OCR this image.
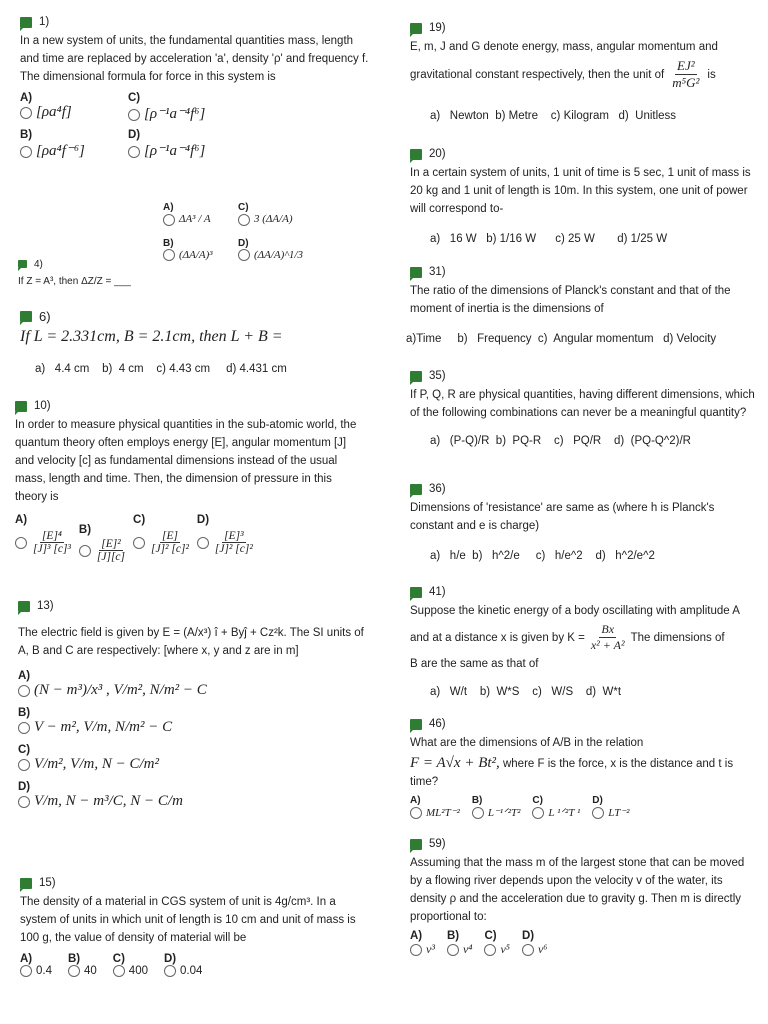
1)
In a new system of units, the fundamental quantities mass, length and time are replaced by acceleration 'a', density 'ρ' and frequency f. The dimensional formula for force in this system is
A)
[ρa⁴f]
C)
[ρ⁻¹a⁻⁴f⁶]
B)
[ρa⁴f⁻⁶]
D)
[ρ⁻¹a⁻⁴f⁶]
A)
ΔA³ / A
C)
3 (ΔA/A)
B)
(ΔA/A)³
D)
(ΔA/A)^1/3
4)
If Z = A³, then ΔZ/Z = ___
6)
If L = 2.331cm, B = 2.1cm, then L + B =
a)   4.4 cm    b)  4 cm    c) 4.43 cm     d) 4.431 cm
10)
In order to measure physical quantities in the sub-atomic world, the quantum theory often employs energy [E], angular momentum [J] and velocity [c] as fundamental dimensions instead of the usual mass, length and time. Then, the dimension of pressure in this theory is
A)
$\frac{\text{[E]⁴}}{\text{[J]³ [c]³}} B$)
$\frac{\text{[E]²}}{[J][c]}$
C)
$\frac{[E]}{\text{[J]² [c]²}}$
D)
$\frac{\text{[E]³}}{\text{[J]² [c]²}}$
13)
The electric field is given by E = (A/x³) î + Byĵ + Cz²k. The SI units of A, B and C are respectively: [where x, y and z are in m]
A)
(N − m³)/x³ , V/m², N/m² − C
B)
V − m², V/m, N/m² − C
C)
V/m², V/m, N − C/m²
D)
V/m, N − m³/C, N − C/m
15)
The density of a material in CGS system of unit is 4g/cm³. In a system of units in which unit of length is 10 cm and unit of mass is 100 g, the value of density of material will be
A)
0.4
B)
40
C)
400
D)
0.04
19)
E, m, J and G denote energy, mass, angular momentum and
gravitational constant respectively, then the unit of $\frac{\text{EJ²}}{\text{m⁵G²}}$ is
a)   Newton  b) Metre    c) Kilogram   d)  Unitless
20)
In a certain system of units, 1 unit of time is 5 sec, 1 unit of mass is 20 kg and 1 unit of length is 10m. In this system, one unit of power will correspond to-
a)   16 W   b) 1/16 W      c) 25 W       d) 1/25 W
31)
The ratio of the dimensions of Planck's constant and that of the moment of inertia is the dimensions of
a)Time     b)   Frequency  c)  Angular momentum   d) Velocity
35)
If P, Q, R are physical quantities, having different dimensions, which of the following combinations can never be a meaningful quantity?
a)   (P-Q)/R  b)  PQ-R    c)   PQ/R    d)  (PQ-Q^2)/R
36)
Dimensions of 'resistance' are same as (where h is Planck's constant and e is charge)
a)   h/e  b)   h^2/e     c)   h/e^2    d)   h^2/e^2
41)
Suppose the kinetic energy of a body oscillating with amplitude A
and at a distance x is given by $K = \frac{Bx}{\text{x² + A²}}$ The dimensions of
B are the same as that of
a)   W/t    b)  W*S    c)   W/S    d)  W*t
46)
What are the dimensions of A/B in the relation
F = A√x + Bt², where F is the force, x is the distance and t is time?
A)
ML²T⁻²
B)
L⁻¹ᐟ²T²
C)
L ¹ᐟ²T ¹
D)
LT⁻²
59)
Assuming that the mass m of the largest stone that can be moved by a flowing river depends upon the velocity v of the water, its density ρ and the acceleration due to gravity g. Then m is directly proportional to:
A)
ν³
B)
ν⁴
C)
ν⁵
D)
ν⁶
